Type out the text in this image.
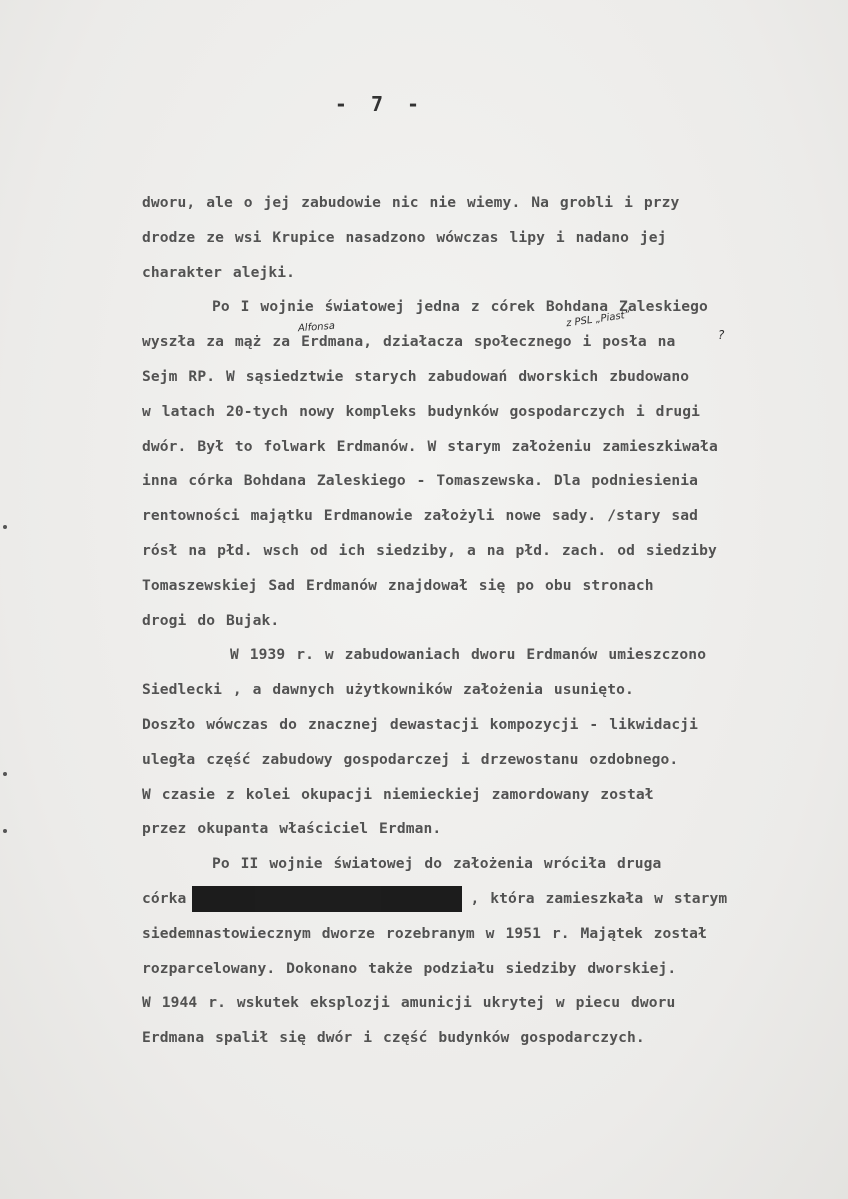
- 7 -
Alfonsa	z PSL „Piast”
?
dworu, ale o jej zabudowie nic nie wiemy. Na grobli i przy
drodze ze wsi Krupice nasadzono wówczas lipy i nadano jej
charakter alejki.
Po I wojnie światowej jedna z córek Bohdana Zaleskiego
wyszła za mąż za Erdmana, działacza społecznego i posła na
Sejm RP. W sąsiedztwie starych zabudowań dworskich zbudowano
w latach 20-tych nowy kompleks budynków gospodarczych i drugi
dwór. Był to folwark Erdmanów. W starym założeniu zamieszkiwała
inna córka Bohdana Zaleskiego - Tomaszewska. Dla podniesienia
rentowności majątku Erdmanowie założyli nowe sady. /stary sad
rósł na płd. wsch od ich siedziby, a na płd. zach. od siedziby
Tomaszewskiej Sad Erdmanów znajdował się po obu stronach
drogi do Bujak.
W 1939 r. w zabudowaniach dworu Erdmanów umieszczono
Siedlecki , a dawnych użytkowników założenia usunięto.
Doszło wówczas do znacznej dewastacji kompozycji - likwidacji
uległa część zabudowy gospodarczej i drzewostanu ozdobnego.
W czasie z kolei okupacji niemieckiej zamordowany został
przez okupanta właściciel Erdman.
Po II wojnie światowej do założenia wróciła druga
córka	, która zamieszkała w starym
siedemnastowiecznym dworze rozebranym w 1951 r. Majątek został
rozparcelowany. Dokonano także podziału siedziby dworskiej.
W 1944 r. wskutek eksplozji amunicji ukrytej w piecu dworu
Erdmana spalił się dwór i część budynków gospodarczych.
